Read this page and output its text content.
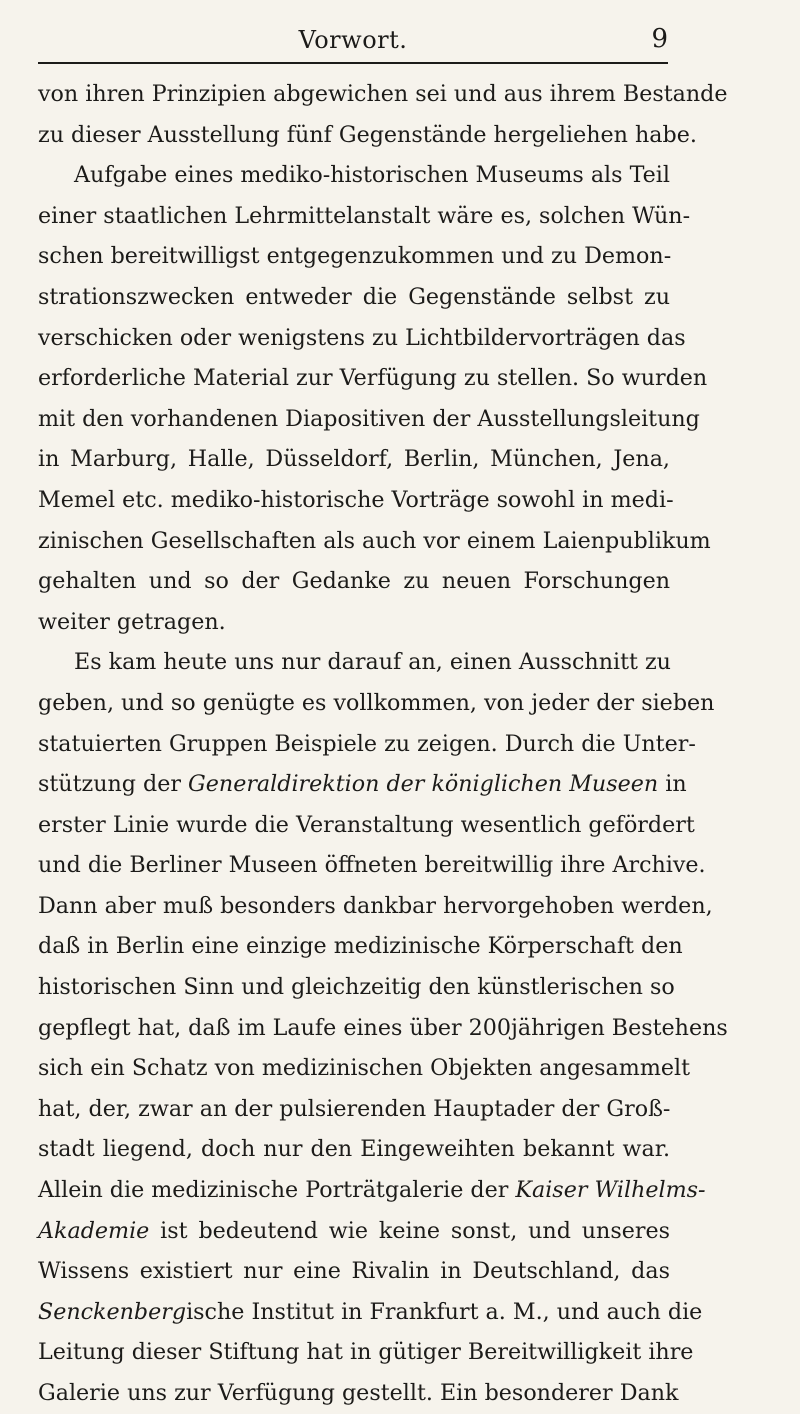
Vorwort.	9
von ihren Prinzipien abgewichen sei und aus ihrem Bestande
zu dieser Ausstellung fünf Gegenstände hergeliehen habe.
Aufgabe eines mediko-historischen Museums als Teil
einer staatlichen Lehrmittelanstalt wäre es, solchen Wün-
schen bereitwilligst entgegenzukommen und zu Demon-
strationszwecken entweder die Gegenstände selbst zu
verschicken oder wenigstens zu Lichtbildervorträgen das
erforderliche Material zur Verfügung zu stellen. So wurden
mit den vorhandenen Diapositiven der Ausstellungsleitung
in Marburg, Halle, Düsseldorf, Berlin, München, Jena,
Memel etc. mediko-historische Vorträge sowohl in medi-
zinischen Gesellschaften als auch vor einem Laienpublikum
gehalten und so der Gedanke zu neuen Forschungen
weiter getragen.
Es kam heute uns nur darauf an, einen Ausschnitt zu
geben, und so genügte es vollkommen, von jeder der sieben
statuierten Gruppen Beispiele zu zeigen. Durch die Unter-
stützung der Generaldirektion der königlichen Museen in
erster Linie wurde die Veranstaltung wesentlich gefördert
und die Berliner Museen öffneten bereitwillig ihre Archive.
Dann aber muß besonders dankbar hervorgehoben werden,
daß in Berlin eine einzige medizinische Körperschaft den
historischen Sinn und gleichzeitig den künstlerischen so
gepflegt hat, daß im Laufe eines über 200jährigen Bestehens
sich ein Schatz von medizinischen Objekten angesammelt
hat, der, zwar an der pulsierenden Hauptader der Groß-
stadt liegend, doch nur den Eingeweihten bekannt war.
Allein die medizinische Porträtgalerie der Kaiser Wilhelms-
Akademie ist bedeutend wie keine sonst, und unseres
Wissens existiert nur eine Rivalin in Deutschland, das
Senckenbergische Institut in Frankfurt a. M., und auch die
Leitung dieser Stiftung hat in gütiger Bereitwilligkeit ihre
Galerie uns zur Verfügung gestellt. Ein besonderer Dank
